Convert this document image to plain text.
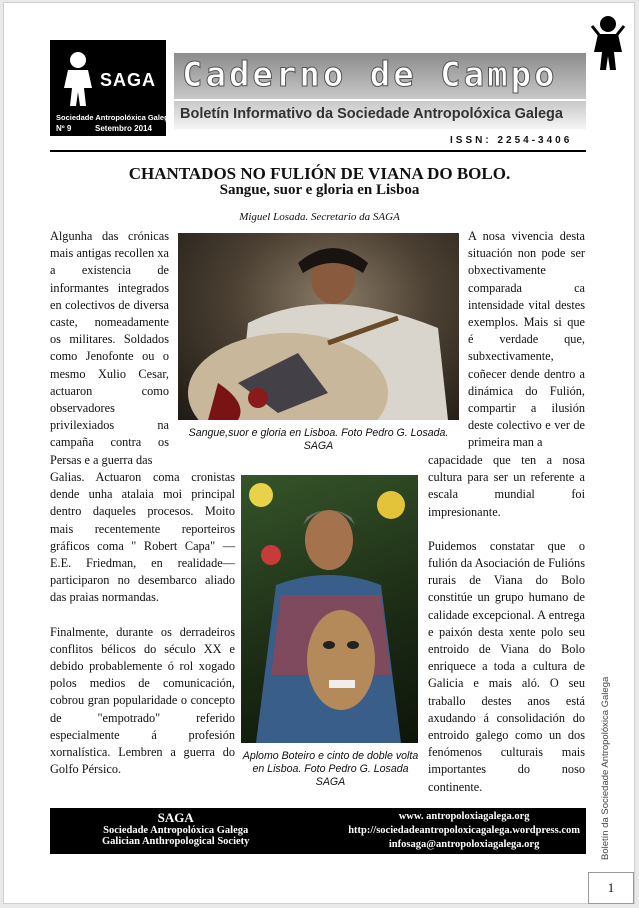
SAGA
Sociedade Antropolóxica Galega
Nº 9	Setembro 2014
Caderno de Campo
Boletín Informativo da Sociedade Antropolóxica Galega
ISSN: 2254-3406
CHANTADOS NO FULIÓN DE VIANA DO BOLO.
Sangue, suor e gloria en Lisboa
Miguel Losada. Secretario da SAGA

Algunha das crónicas mais antigas recollen xa a existencia de informantes integrados en colectivos de diversa caste, nomeadamente os militares. Soldados como Jenofonte ou o mesmo Xulio Cesar, actuaron como observadores privilexiados na campaña contra os Persas e a guerra das

Galias. Actuaron coma cronistas dende unha atalaia moi principal dentro daqueles procesos. Moito mais recentemente reporteiros gráficos coma " Robert Capa" — E.E. Friedman, en realidade— participaron no desembarco aliado das praias normandas.

Finalmente, durante os derradeiros conflitos bélicos do século XX e debido probablemente ó rol xogado polos medios de comunicación, cobrou gran popularidade o concepto de "empotrado" referido especialmente á profesión xornalística. Lembren a guerra do Golfo Pérsico.

Sangue,suor e gloria en Lisboa. Foto Pedro G. Losada. SAGA
Aplomo Boteiro e cinto de doble volta en Lisboa. Foto Pedro G. Losada SAGA

A nosa vivencia desta situación non pode ser obxectivamente comparada ca intensidade vital destes exemplos. Mais si que é verdade que, subxectivamente, coñecer dende dentro a dinámica do Fulión, compartir a ilusión deste colectivo e ver de primeira man a

capacidade que ten a nosa cultura para ser un referente a escala mundial foi impresionante.

Puidemos constatar que o fulión da Asociación de Fulións rurais de Viana do Bolo constitúe un grupo humano de calidade excepcional. A entrega e paixón desta xente polo seu entroido de Viana do Bolo enriquece a toda a cultura de Galicia e mais aló. O seu traballo destes anos está axudando á consolidación do entroido galego como un dos fenómenos culturais mais importantes do noso continente.

SAGA
Sociedade Antropolóxica Galega
Galician Anthropological Society
www. antropoloxiagalega.org
http://sociedadeantropoloxicagalega.wordpress.com
infosaga@antropoloxiagalega.org	Boletín da Sociedade Antropolóxica Galega
1
